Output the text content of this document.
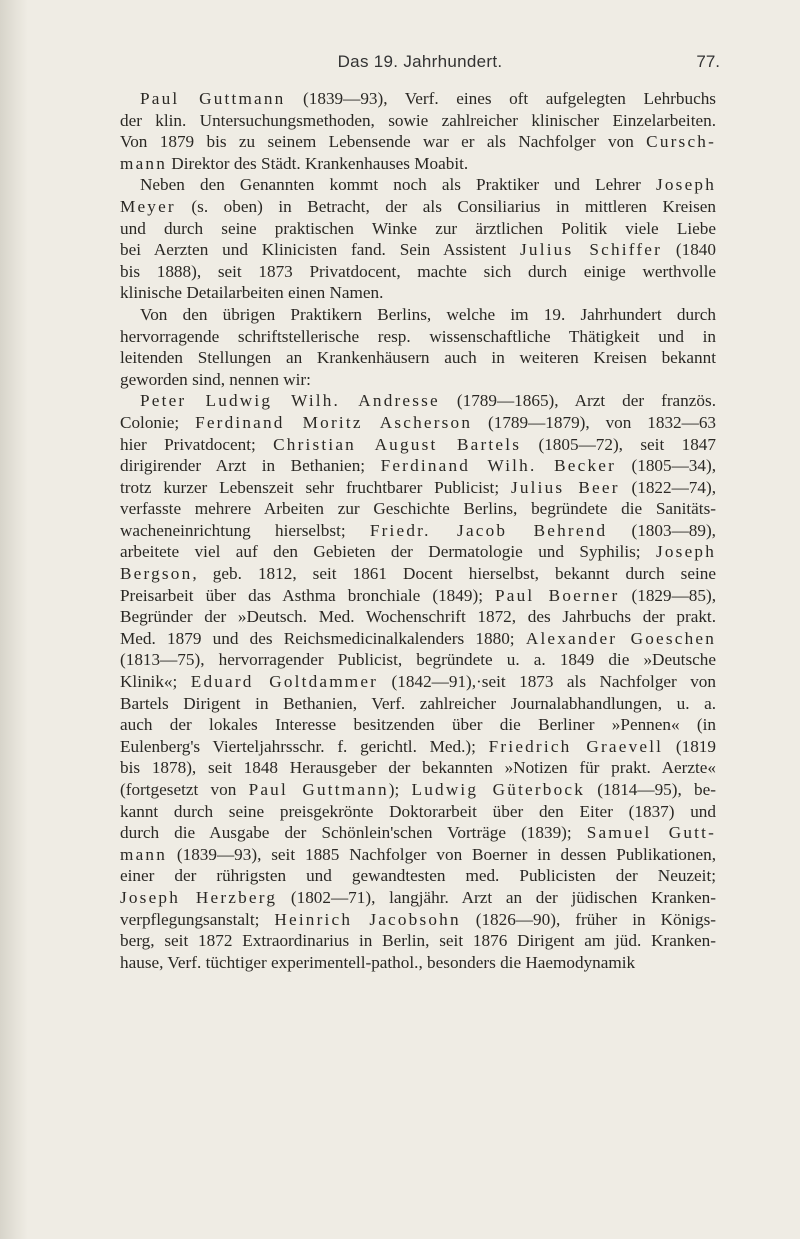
Das 19. Jahrhundert.	77.
Paul Guttmann (1839—93), Verf. eines oft aufgelegten Lehrbuchs
der klin. Untersuchungsmethoden, sowie zahlreicher klinischer Einzelarbeiten.
Von 1879 bis zu seinem Lebensende war er als Nachfolger von Cursch-
mann Direktor des Städt. Krankenhauses Moabit.
Neben den Genannten kommt noch als Praktiker und Lehrer Joseph
Meyer (s. oben) in Betracht, der als Consiliarius in mittleren Kreisen
und durch seine praktischen Winke zur ärztlichen Politik viele Liebe
bei Aerzten und Klinicisten fand. Sein Assistent Julius Schiffer (1840
bis 1888), seit 1873 Privatdocent, machte sich durch einige werthvolle
klinische Detailarbeiten einen Namen.
Von den übrigen Praktikern Berlins, welche im 19. Jahrhundert durch
hervorragende schriftstellerische resp. wissenschaftliche Thätigkeit und in
leitenden Stellungen an Krankenhäusern auch in weiteren Kreisen bekannt
geworden sind, nennen wir:
Peter Ludwig Wilh. Andresse (1789—1865), Arzt der französ.
Colonie; Ferdinand Moritz Ascherson (1789—1879), von 1832—63
hier Privatdocent; Christian August Bartels (1805—72), seit 1847
dirigirender Arzt in Bethanien; Ferdinand Wilh. Becker (1805—34),
trotz kurzer Lebenszeit sehr fruchtbarer Publicist; Julius Beer (1822—74),
verfasste mehrere Arbeiten zur Geschichte Berlins, begründete die Sanitäts-
wacheneinrichtung hierselbst; Friedr. Jacob Behrend (1803—89),
arbeitete viel auf den Gebieten der Dermatologie und Syphilis; Joseph
Bergson, geb. 1812, seit 1861 Docent hierselbst, bekannt durch seine
Preisarbeit über das Asthma bronchiale (1849); Paul Boerner (1829—85),
Begründer der »Deutsch. Med. Wochenschrift 1872, des Jahrbuchs der prakt.
Med. 1879 und des Reichsmedicinalkalenders 1880; Alexander Goeschen
(1813—75), hervorragender Publicist, begründete u. a. 1849 die »Deutsche
Klinik«; Eduard Goltdammer (1842—91),·seit 1873 als Nachfolger von
Bartels Dirigent in Bethanien, Verf. zahlreicher Journalabhandlungen, u. a.
auch der lokales Interesse besitzenden über die Berliner »Pennen« (in
Eulenberg's Vierteljahrsschr. f. gerichtl. Med.); Friedrich Graevell (1819
bis 1878), seit 1848 Herausgeber der bekannten »Notizen für prakt. Aerzte«
(fortgesetzt von Paul Guttmann); Ludwig Güterbock (1814—95), be-
kannt durch seine preisgekrönte Doktorarbeit über den Eiter (1837) und
durch die Ausgabe der Schönlein'schen Vorträge (1839); Samuel Gutt-
mann (1839—93), seit 1885 Nachfolger von Boerner in dessen Publikationen,
einer der rührigsten und gewandtesten med. Publicisten der Neuzeit;
Joseph Herzberg (1802—71), langjähr. Arzt an der jüdischen Kranken-
verpflegungsanstalt; Heinrich Jacobsohn (1826—90), früher in Königs-
berg, seit 1872 Extraordinarius in Berlin, seit 1876 Dirigent am jüd. Kranken-
hause, Verf. tüchtiger experimentell-pathol., besonders die Haemodynamik
